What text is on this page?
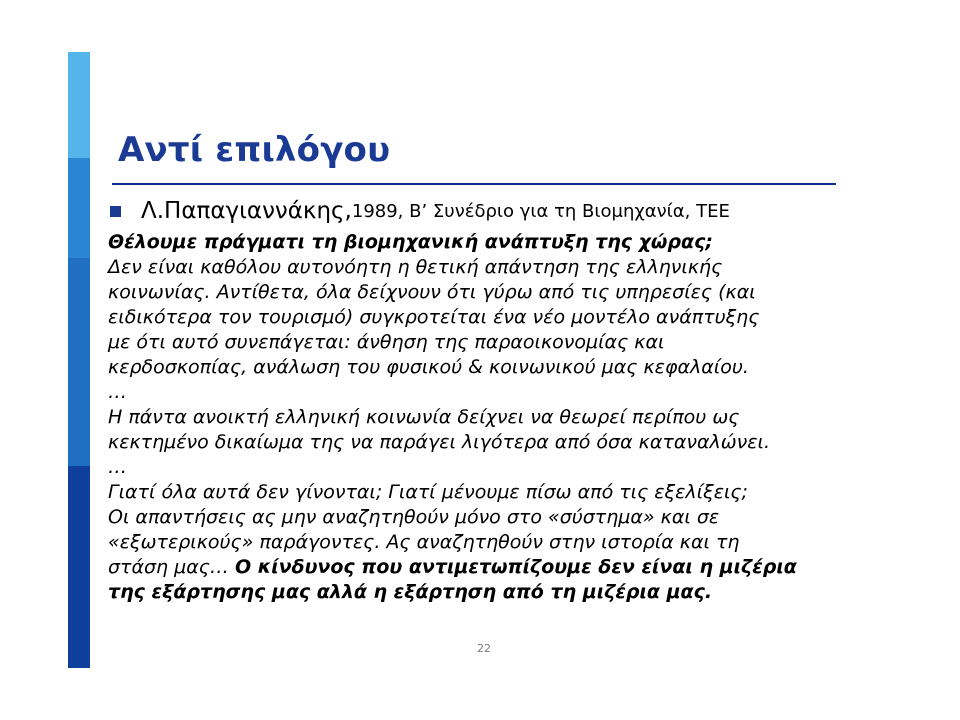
Αντί επιλόγου
Λ.Παπαγιαννάκης, 1989, Β’ Συνέδριο για τη Βιομηχανία, ΤΕΕ

Θέλουμε πράγματι τη βιομηχανική ανάπτυξη της χώρας;

Δεν είναι καθόλου αυτονόητη η θετική απάντηση της ελληνικής

κοινωνίας. Αντίθετα, όλα δείχνουν ότι γύρω από τις υπηρεσίες (και

ειδικότερα τον τουρισμό) συγκροτείται ένα νέο μοντέλο ανάπτυξης

με ότι αυτό συνεπάγεται: άνθηση της παραοικονομίας και

κερδοσκοπίας, ανάλωση του φυσικού & κοινωνικού μας κεφαλαίου.

…

Η πάντα ανοικτή ελληνική κοινωνία δείχνει να θεωρεί περίπου ως

κεκτημένο δικαίωμα της να παράγει λιγότερα από όσα καταναλώνει.

…

Γιατί όλα αυτά δεν γίνονται; Γιατί μένουμε πίσω από τις εξελίξεις;

Οι απαντήσεις ας μην αναζητηθούν μόνο στο «σύστημα» και σε

«εξωτερικούς» παράγοντες. Ας αναζητηθούν στην ιστορία και τη

στάση μας… Ο κίνδυνος που αντιμετωπίζουμε δεν είναι η μιζέρια

της εξάρτησης μας αλλά η εξάρτηση από τη μιζέρια μας.

22
